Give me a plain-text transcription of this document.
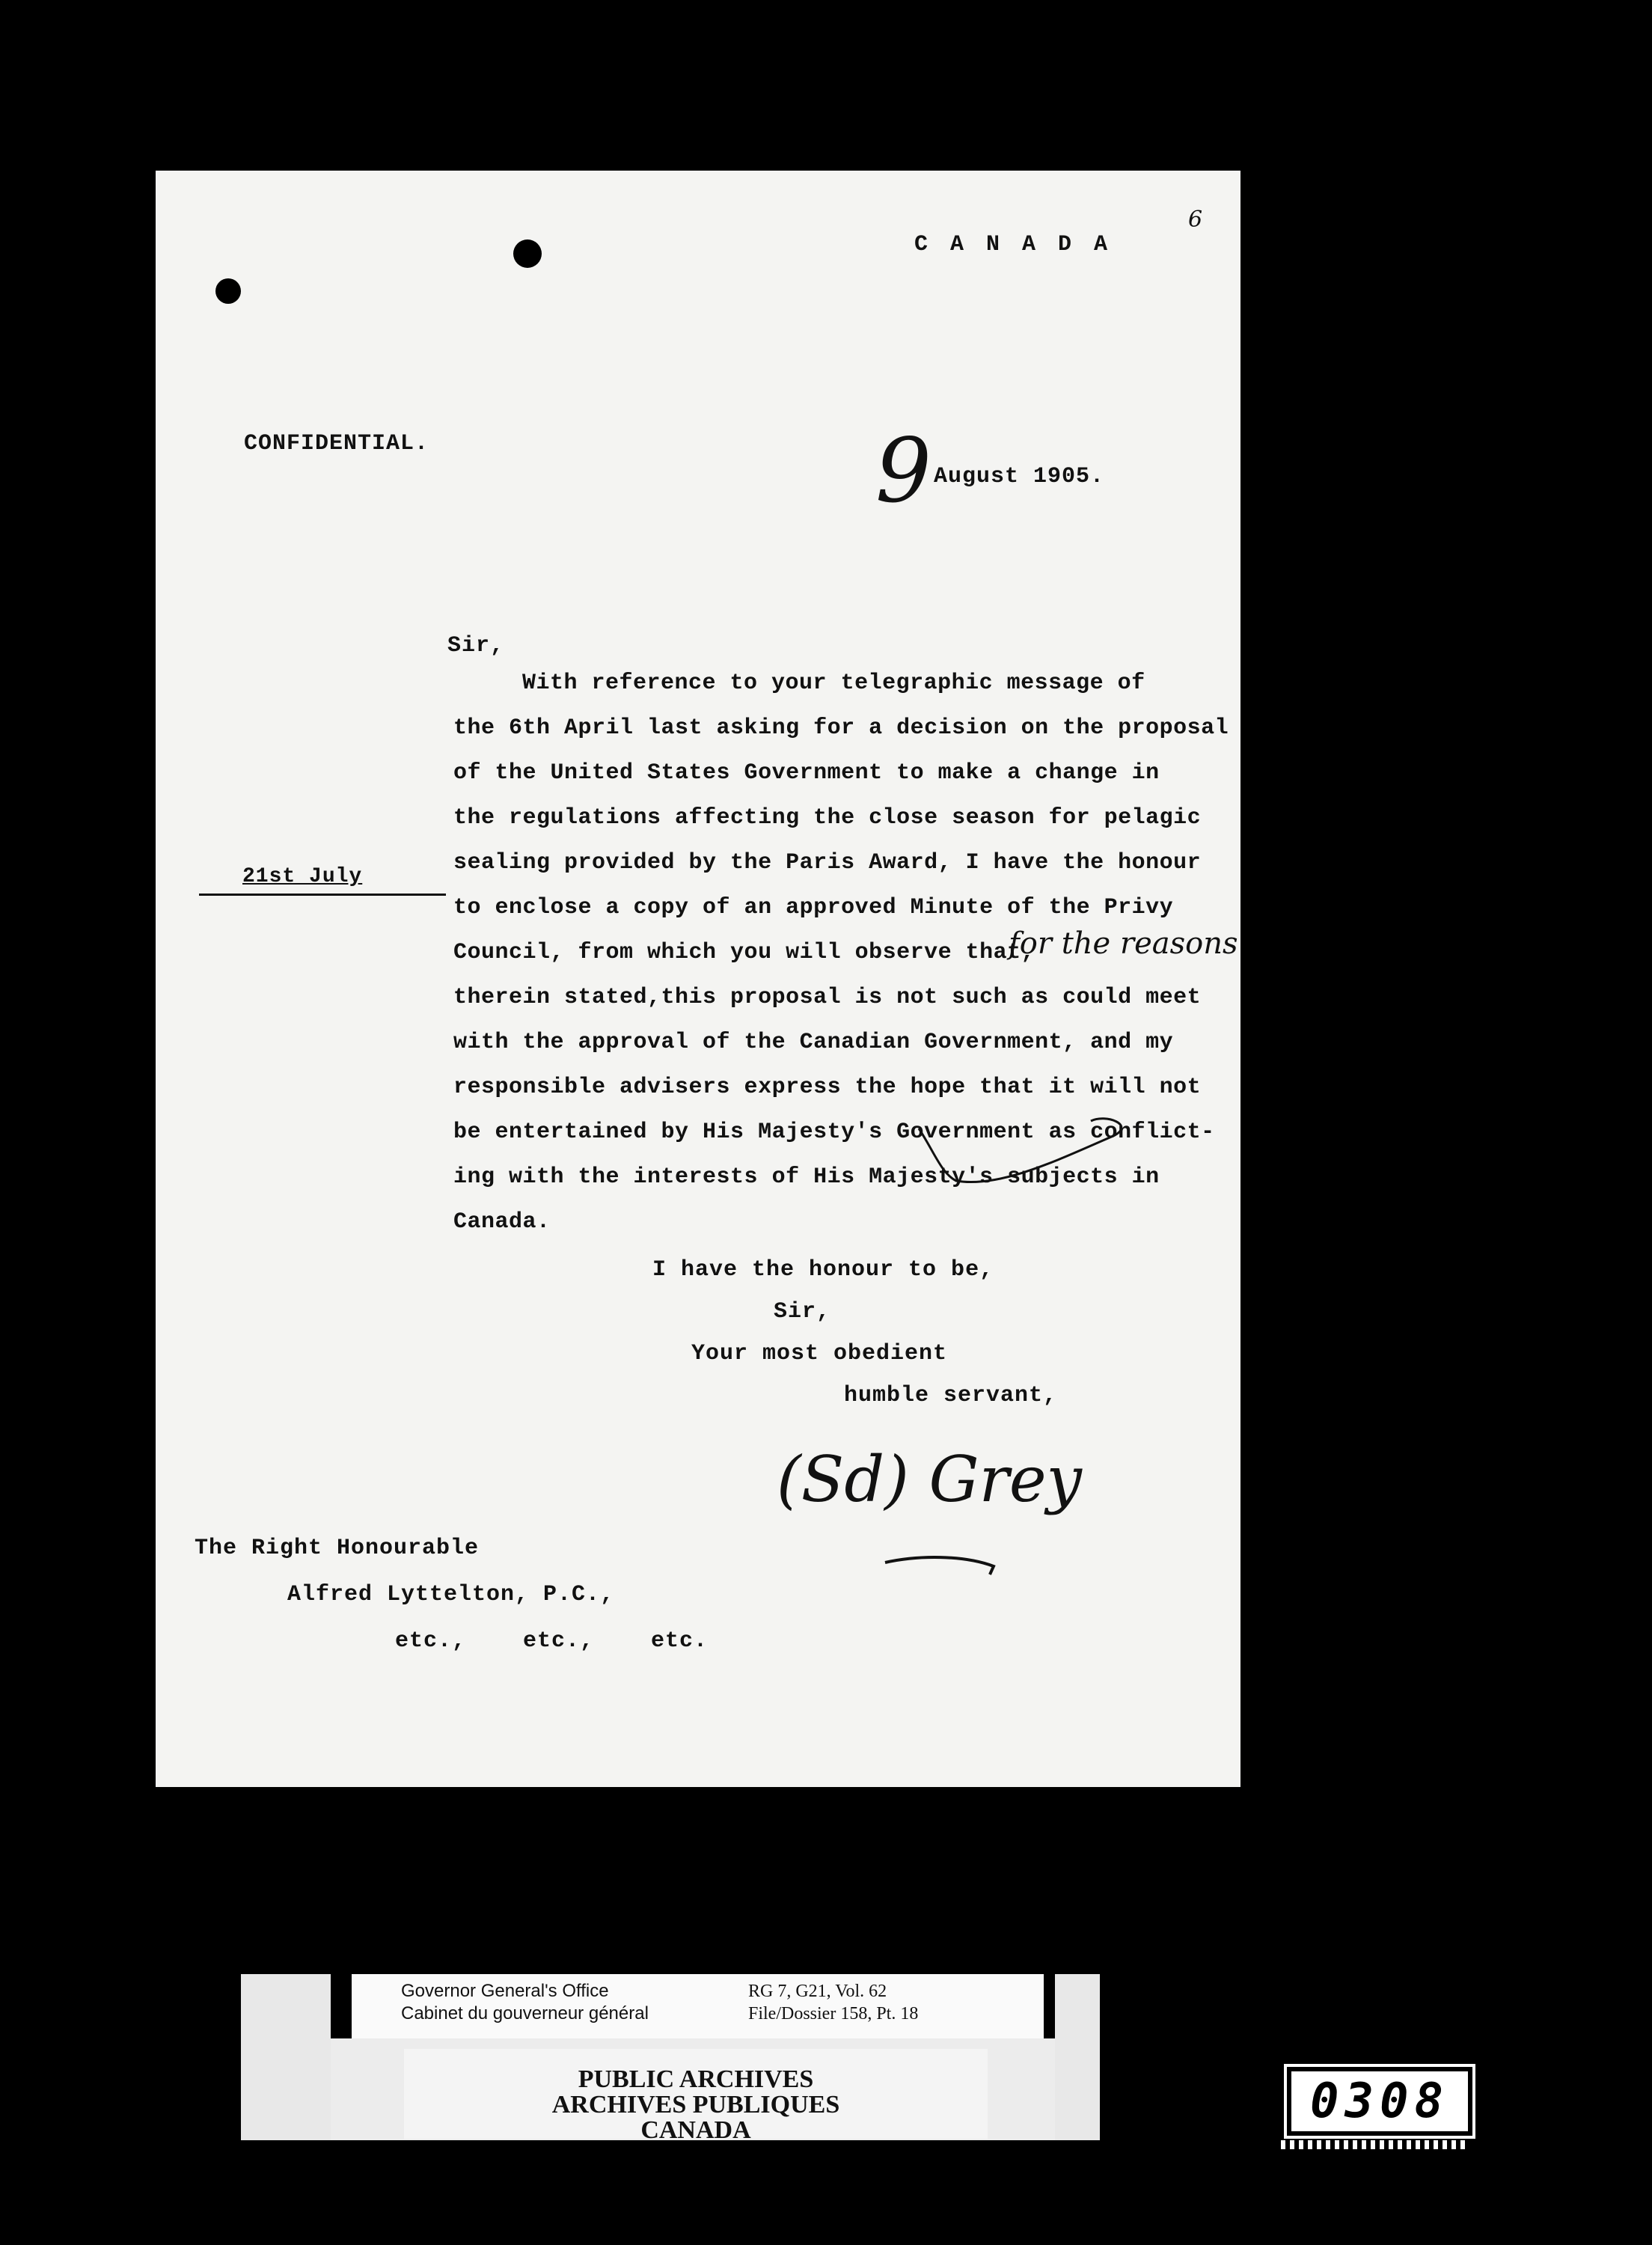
C A N A D A
6
CONFIDENTIAL.	9 August 1905.
Sir,
With reference to your telegraphic message of
the 6th April last asking for a decision on the proposal
of the United States Government to make a change in
the regulations affecting the close season for pelagic
sealing provided by the Paris Award, I have the honour
to enclose a copy of an approved Minute of the Privy
Council, from which you will observe that,
for the reasons
therein stated,this proposal is not such as could meet
with the approval of the Canadian Government, and my
responsible advisers express the hope that it will not
be entertained by His Majesty's Government as conflict-
ing with the interests of His Majesty's subjects in
Canada.
21st July
I have the honour to be,
Sir,
Your most obedient
humble servant,
(Sd) Grey
The Right Honourable
Alfred Lyttelton, P.C.,
etc.,    etc.,    etc.
Governor General's Office
Cabinet du gouverneur général
RG 7, G21, Vol. 62
File/Dossier 158, Pt. 18
PUBLIC ARCHIVES
ARCHIVES PUBLIQUES
CANADA
0308
